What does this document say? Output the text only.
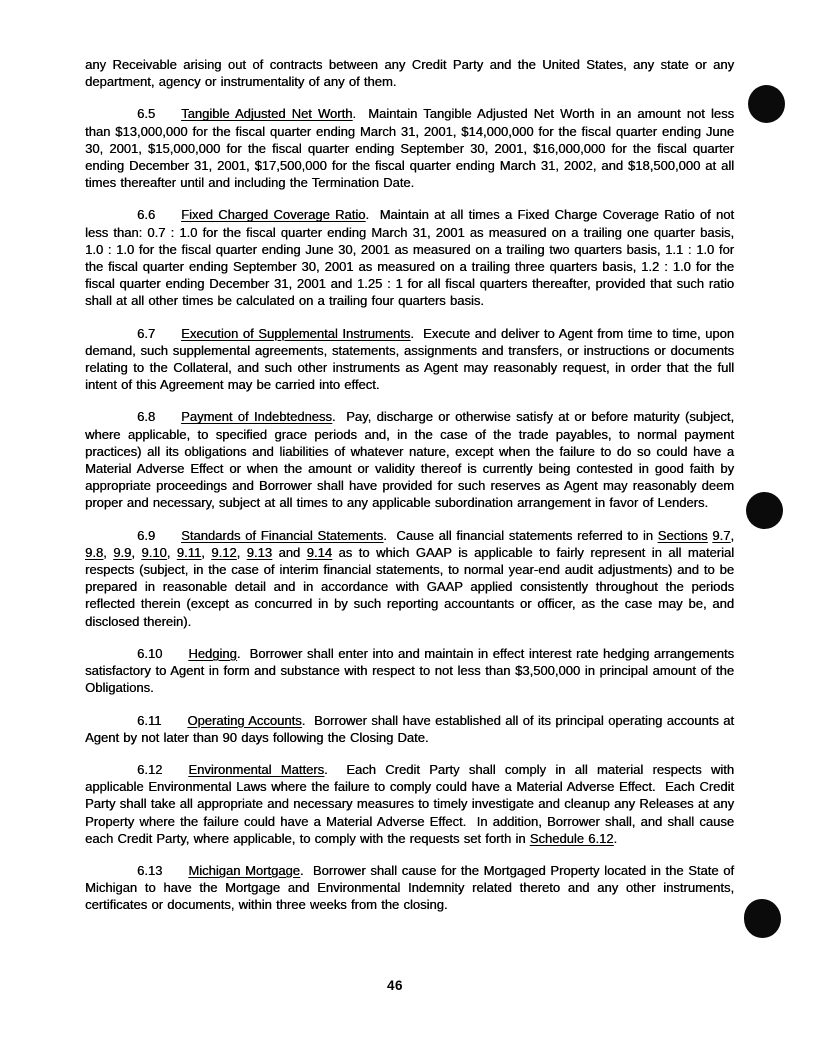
any Receivable arising out of contracts between any Credit Party and the United States, any state or any department, agency or instrumentality of any of them.

6.5 Tangible Adjusted Net Worth.  Maintain Tangible Adjusted Net Worth in an amount not less than $13,000,000 for the fiscal quarter ending March 31, 2001, $14,000,000 for the fiscal quarter ending June 30, 2001, $15,000,000 for the fiscal quarter ending September 30, 2001, $16,000,000 for the fiscal quarter ending December 31, 2001, $17,500,000 for the fiscal quarter ending March 31, 2002, and $18,500,000 at all times thereafter until and including the Termination Date.

6.6 Fixed Charged Coverage Ratio.  Maintain at all times a Fixed Charge Coverage Ratio of not less than: 0.7 : 1.0 for the fiscal quarter ending March 31, 2001 as measured on a trailing one quarter basis, 1.0 : 1.0 for the fiscal quarter ending June 30, 2001 as measured on a trailing two quarters basis, 1.1 : 1.0 for the fiscal quarter ending September 30, 2001 as measured on a trailing three quarters basis, 1.2 : 1.0 for the fiscal quarter ending December 31, 2001 and 1.25 : 1 for all fiscal quarters thereafter, provided that such ratio shall at all other times be calculated on a trailing four quarters basis.

6.7 Execution of Supplemental Instruments.  Execute and deliver to Agent from time to time, upon demand, such supplemental agreements, statements, assignments and transfers, or instructions or documents relating to the Collateral, and such other instruments as Agent may reasonably request, in order that the full intent of this Agreement may be carried into effect.

6.8 Payment of Indebtedness.  Pay, discharge or otherwise satisfy at or before maturity (subject, where applicable, to specified grace periods and, in the case of the trade payables, to normal payment practices) all its obligations and liabilities of whatever nature, except when the failure to do so could have a Material Adverse Effect or when the amount or validity thereof is currently being contested in good faith by appropriate proceedings and Borrower shall have provided for such reserves as Agent may reasonably deem proper and necessary, subject at all times to any applicable subordination arrangement in favor of Lenders.

6.9 Standards of Financial Statements.  Cause all financial statements referred to in Sections 9.7, 9.8, 9.9, 9.10, 9.11, 9.12, 9.13 and 9.14 as to which GAAP is applicable to fairly represent in all material respects (subject, in the case of interim financial statements, to normal year-end audit adjustments) and to be prepared in reasonable detail and in accordance with GAAP applied consistently throughout the periods reflected therein (except as concurred in by such reporting accountants or officer, as the case may be, and disclosed therein).

6.10 Hedging.  Borrower shall enter into and maintain in effect interest rate hedging arrangements satisfactory to Agent in form and substance with respect to not less than $3,500,000 in principal amount of the Obligations.

6.11 Operating Accounts.  Borrower shall have established all of its principal operating accounts at Agent by not later than 90 days following the Closing Date.

6.12 Environmental Matters.  Each Credit Party shall comply in all material respects with applicable Environmental Laws where the failure to comply could have a Material Adverse Effect.  Each Credit Party shall take all appropriate and necessary measures to timely investigate and cleanup any Releases at any Property where the failure could have a Material Adverse Effect.  In addition, Borrower shall, and shall cause each Credit Party, where applicable, to comply with the requests set forth in Schedule 6.12.

6.13 Michigan Mortgage.  Borrower shall cause for the Mortgaged Property located in the State of Michigan to have the Mortgage and Environmental Indemnity related thereto and any other instruments, certificates or documents, within three weeks from the closing.

46
